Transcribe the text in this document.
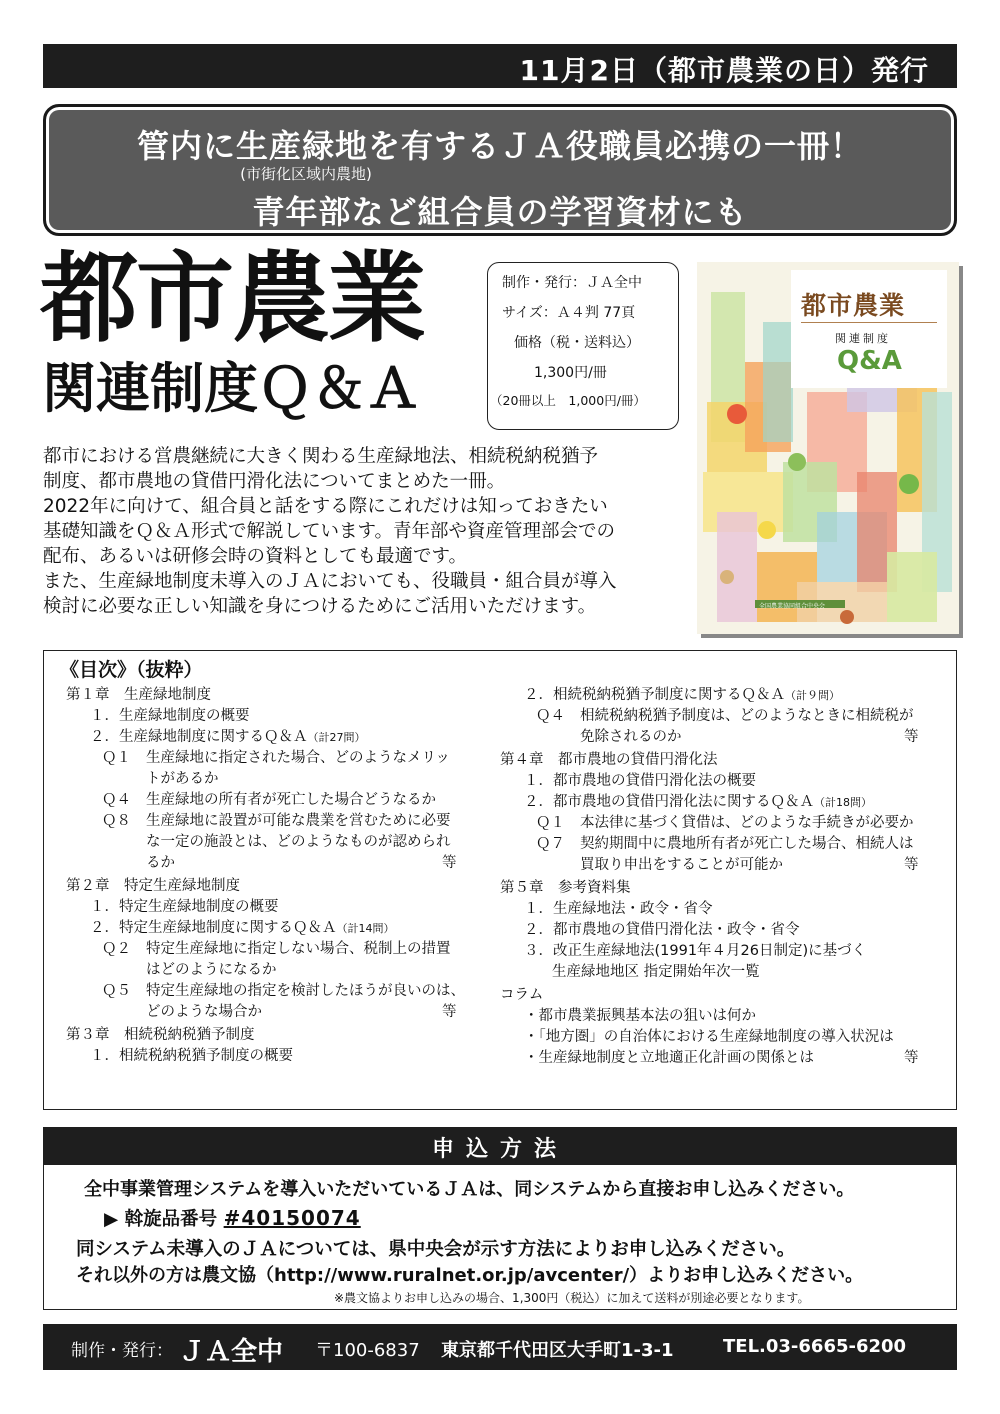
11月2日（都市農業の日）発行
管内に生産緑地を有するＪＡ役職員必携の一冊！
(市街化区域内農地)
青年部など組合員の学習資材にも
都市農業
関連制度Ｑ＆Ａ
制作・発行：ＪＡ全中
サイズ：Ａ４判 77頁
価格（税・送料込）
1,300円/冊
（20冊以上　1,000円/冊）

都市における営農継続に大きく関わる生産緑地法、相続税納税猶予

制度、都市農地の貸借円滑化法についてまとめた一冊。

2022年に向けて、組合員と話をする際にこれだけは知っておきたい

基礎知識をＱ＆Ａ形式で解説しています。青年部や資産管理部会での

配布、あるいは研修会時の資料としても最適です。

また、生産緑地制度未導入のＪＡにおいても、役職員・組合員が導入

検討に必要な正しい知識を身につけるためにご活用いただけます。

都市農業
関連制度
Q&A
全国農業協同組合中央会
《目次》（抜粋）
第１章　生産緑地制度
１．生産緑地制度の概要
２．生産緑地制度に関するＱ＆Ａ（計27問）
Ｑ１ 生産緑地に指定された場合、どのようなメリッ
トがあるか
Ｑ４ 生産緑地の所有者が死亡した場合どうなるか
Ｑ８ 生産緑地に設置が可能な農業を営むために必要
な一定の施設とは、どのようなものが認められ
るか	等
第２章　特定生産緑地制度
１．特定生産緑地制度の概要
２．特定生産緑地制度に関するＱ＆Ａ（計14問）
Ｑ２ 特定生産緑地に指定しない場合、税制上の措置
はどのようになるか
Ｑ５ 特定生産緑地の指定を検討したほうが良いのは、
どのような場合か	等
第３章　相続税納税猶予制度
１．相続税納税猶予制度の概要
２．相続税納税猶予制度に関するＱ＆Ａ（計９問）
Ｑ４ 相続税納税猶予制度は、どのようなときに相続税が
免除されるのか	等
第４章　都市農地の貸借円滑化法
１．都市農地の貸借円滑化法の概要
２．都市農地の貸借円滑化法に関するＱ＆Ａ（計18問）
Ｑ１ 本法律に基づく貸借は、どのような手続きが必要か
Ｑ７ 契約期間中に農地所有者が死亡した場合、相続人は
買取り申出をすることが可能か	等
第５章　参考資料集
１．生産緑地法・政令・省令
２．都市農地の貸借円滑化法・政令・省令
３．改正生産緑地法(1991年４月26日制定)に基づく
生産緑地地区 指定開始年次一覧
コラム
・都市農業振興基本法の狙いは何か
・「地方圏」の自治体における生産緑地制度の導入状況は
・生産緑地制度と立地適正化計画の関係とは	等
申込方法
全中事業管理システムを導入いただいているＪＡは、同システムから直接お申し込みください。
▶ 斡旋品番号 #40150074
同システム未導入のＪＡについては、県中央会が示す方法によりお申し込みください。
それ以外の方は農文協（http://www.ruralnet.or.jp/avcenter/）よりお申し込みください。
※農文協よりお申し込みの場合、1,300円（税込）に加えて送料が別途必要となります。
制作・発行： ＪＡ全中 〒100-6837 東京都千代田区大手町1-3-1	TEL.03-6665-6200
